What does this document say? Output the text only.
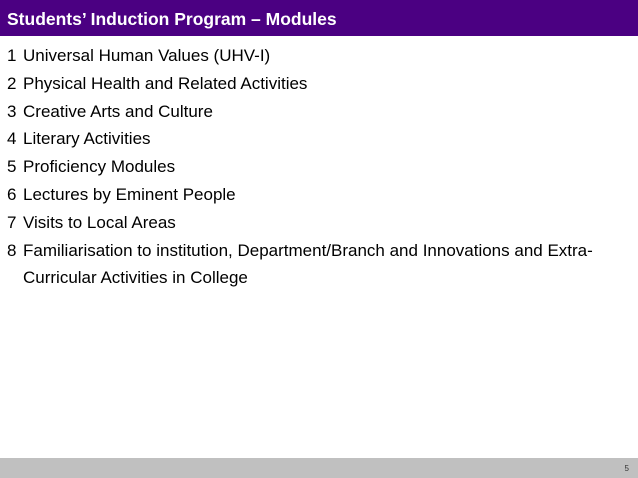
Students’ Induction Program – Modules
1 Universal Human Values (UHV-I)
2 Physical Health and Related Activities
3 Creative Arts and Culture
4 Literary Activities
5 Proficiency Modules
6 Lectures by Eminent People
7 Visits to Local Areas
8 Familiarisation to institution, Department/Branch and Innovations and Extra-Curricular Activities in College
5
